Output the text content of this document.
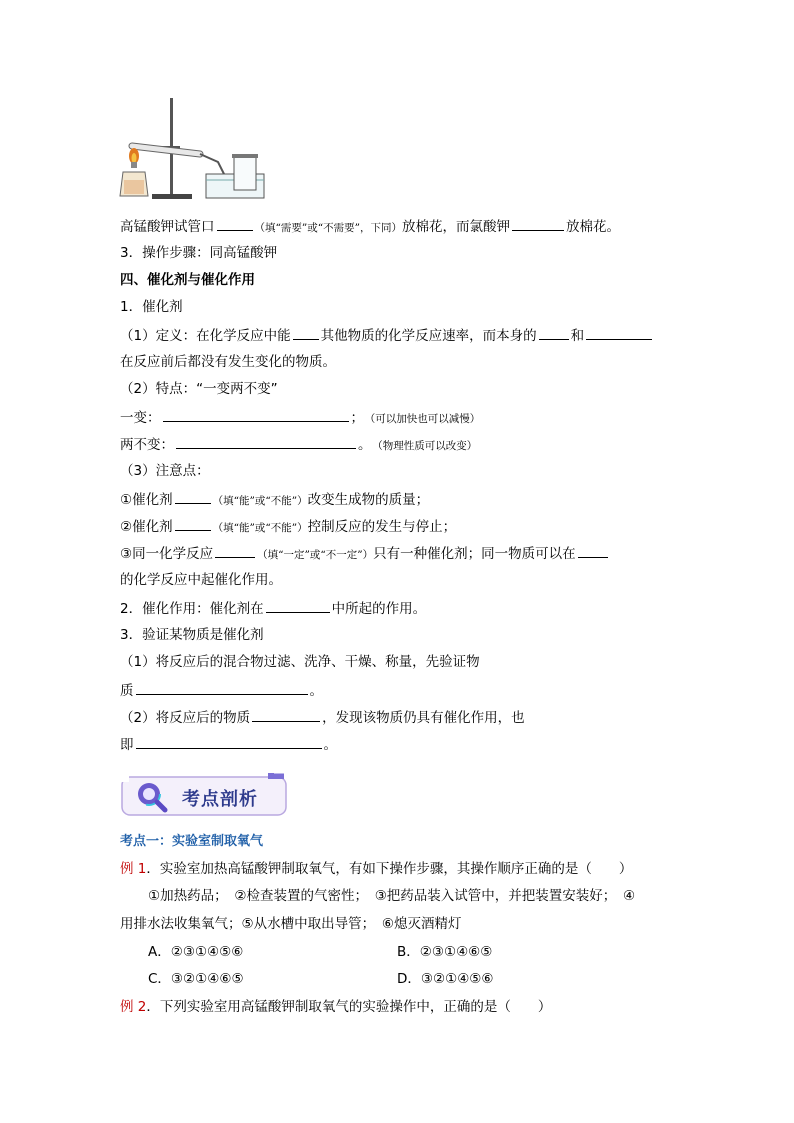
高锰酸钾试管口	（填“需要”或“不需要”，下同）放棉花，而氯酸钾	放棉花。
3．操作步骤：同高锰酸钾
四、催化剂与催化作用
1．催化剂
（1）定义：在化学反应中能 其他物质的化学反应速率，而本身的	和
在反应前后都没有发生变化的物质。
（2）特点：“一变两不变”
一变：	； （可以加快也可以减慢）
两不变：	。 （物理性质可以改变）
（3）注意点：
①催化剂	（填“能”或“不能”）改变生成物的质量；
②催化剂	（填“能”或“不能”）控制反应的发生与停止；
③同一化学反应	（填“一定”或“不一定”）只有一种催化剂；同一物质可以在
的化学反应中起催化作用。
2．催化作用：催化剂在	中所起的作用。
3．验证某物质是催化剂
（1）将反应后的混合物过滤、洗净、干燥、称量，先验证物
质	。
（2）将反应后的物质	，发现该物质仍具有催化作用，也
即	。
考点剖析
考点一：实验室制取氧气
例 1．实验室加热高锰酸钾制取氧气，有如下操作步骤，其操作顺序正确的是（　　）
①加热药品；　②检查装置的气密性；　③把药品装入试管中，并把装置安装好；　④
用排水法收集氧气；⑤从水槽中取出导管；　⑥熄灭酒精灯
A．②③①④⑤⑥	B．②③①④⑥⑤
C．③②①④⑥⑤	D．③②①④⑤⑥
例 2．下列实验室用高锰酸钾制取氧气的实验操作中，正确的是（　　）
